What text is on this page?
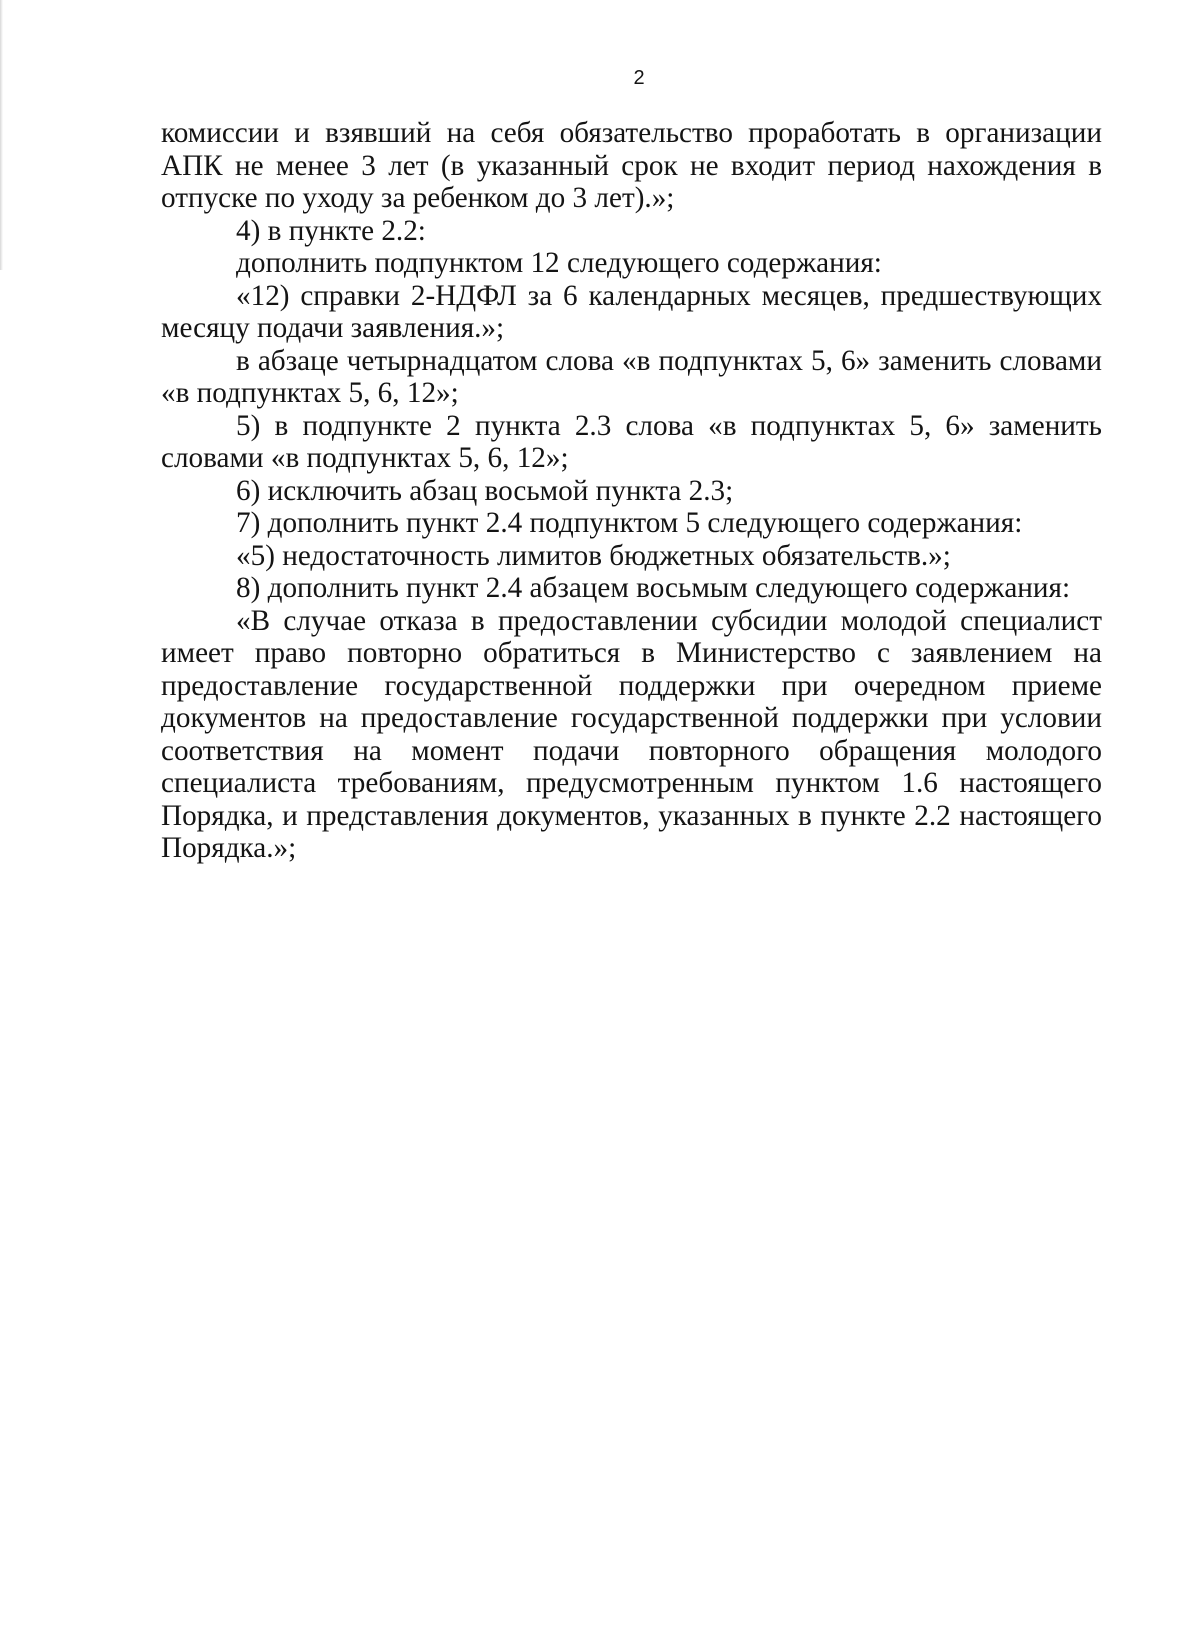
2

комиссии и взявший на себя обязательство проработать в организации АПК не менее 3 лет (в указанный срок не входит период нахождения в отпуске по уходу за ребенком до 3 лет).»;

4) в пункте 2.2:

дополнить подпунктом 12 следующего содержания:

«12) справки 2-НДФЛ за 6 календарных месяцев, предшествующих месяцу подачи заявления.»;

в абзаце четырнадцатом слова «в подпунктах 5, 6» заменить словами «в подпунктах 5, 6, 12»;

5) в подпункте 2 пункта 2.3 слова «в подпунктах 5, 6» заменить словами «в подпунктах 5, 6, 12»;

6) исключить абзац восьмой пункта 2.3;

7) дополнить пункт 2.4 подпунктом 5 следующего содержания:

«5) недостаточность лимитов бюджетных обязательств.»;

8) дополнить пункт 2.4 абзацем восьмым следующего содержания:

«В случае отказа в предоставлении субсидии молодой специалист имеет право повторно обратиться в Министерство с заявлением на предоставление государственной поддержки при очередном приеме документов на предоставление государственной поддержки при условии соответствия на момент подачи повторного обращения молодого специалиста требованиям, предусмотренным пунктом 1.6 настоящего Порядка, и представления документов, указанных в пункте 2.2 настоящего Порядка.»;
